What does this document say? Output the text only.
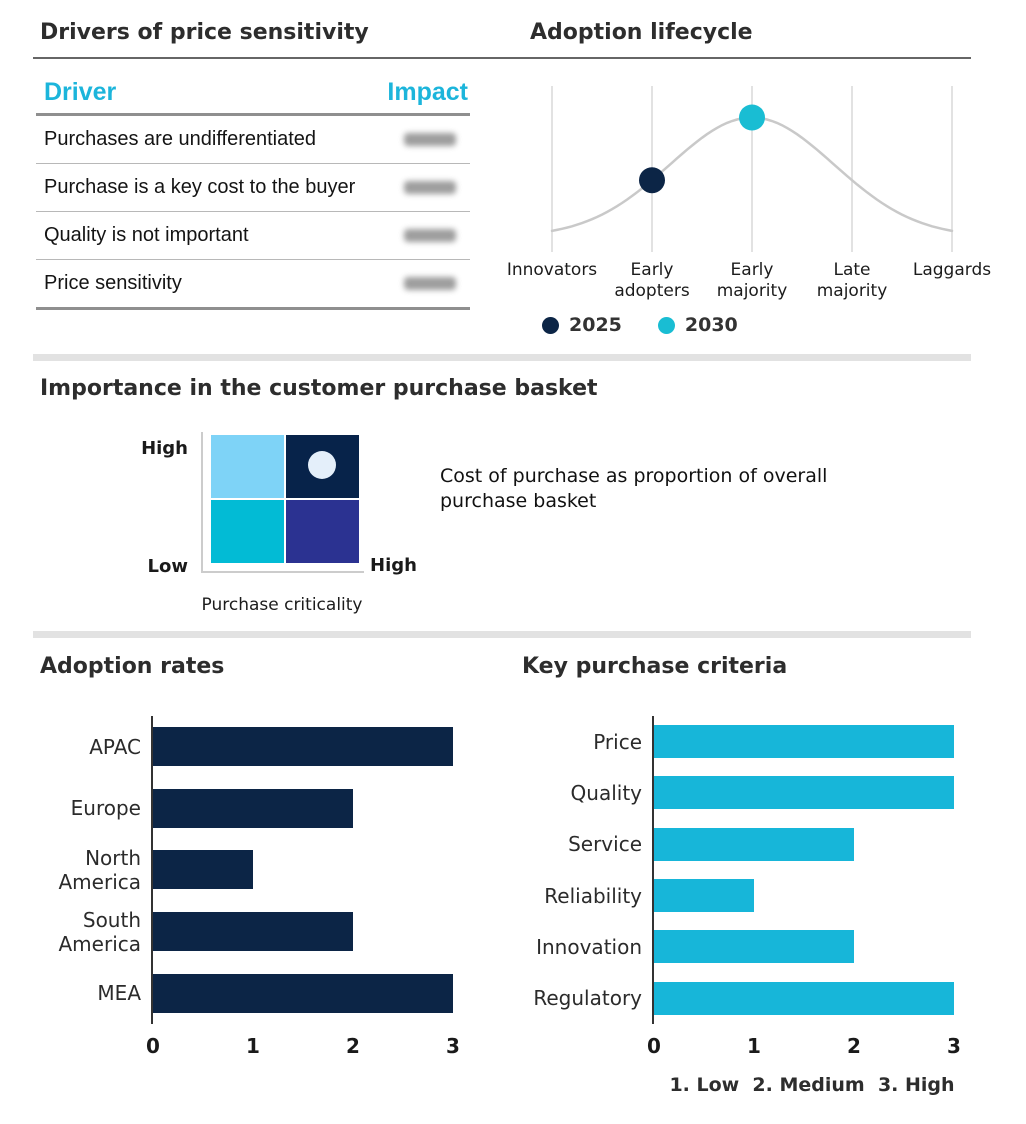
Drivers of price sensitivity	Adoption lifecycle
Driver	Impact
Purchases are undifferentiated
Purchase is a key cost to the buyer
Quality is not important
Price sensitivity
Innovators	Early adopters
Early majority
Late majority
Laggards
2025	2030
Importance in the customer purchase basket
High
Low	High
Purchase criticality
Cost of purchase as proportion of overall purchase basket
Adoption rates	Key purchase criteria
APAC
Europe
North America
South America
MEA
0	1	2	3
Price
Quality
Service
Reliability
Innovation
Regulatory
0	1	2	3
1. Low  2. Medium  3. High
